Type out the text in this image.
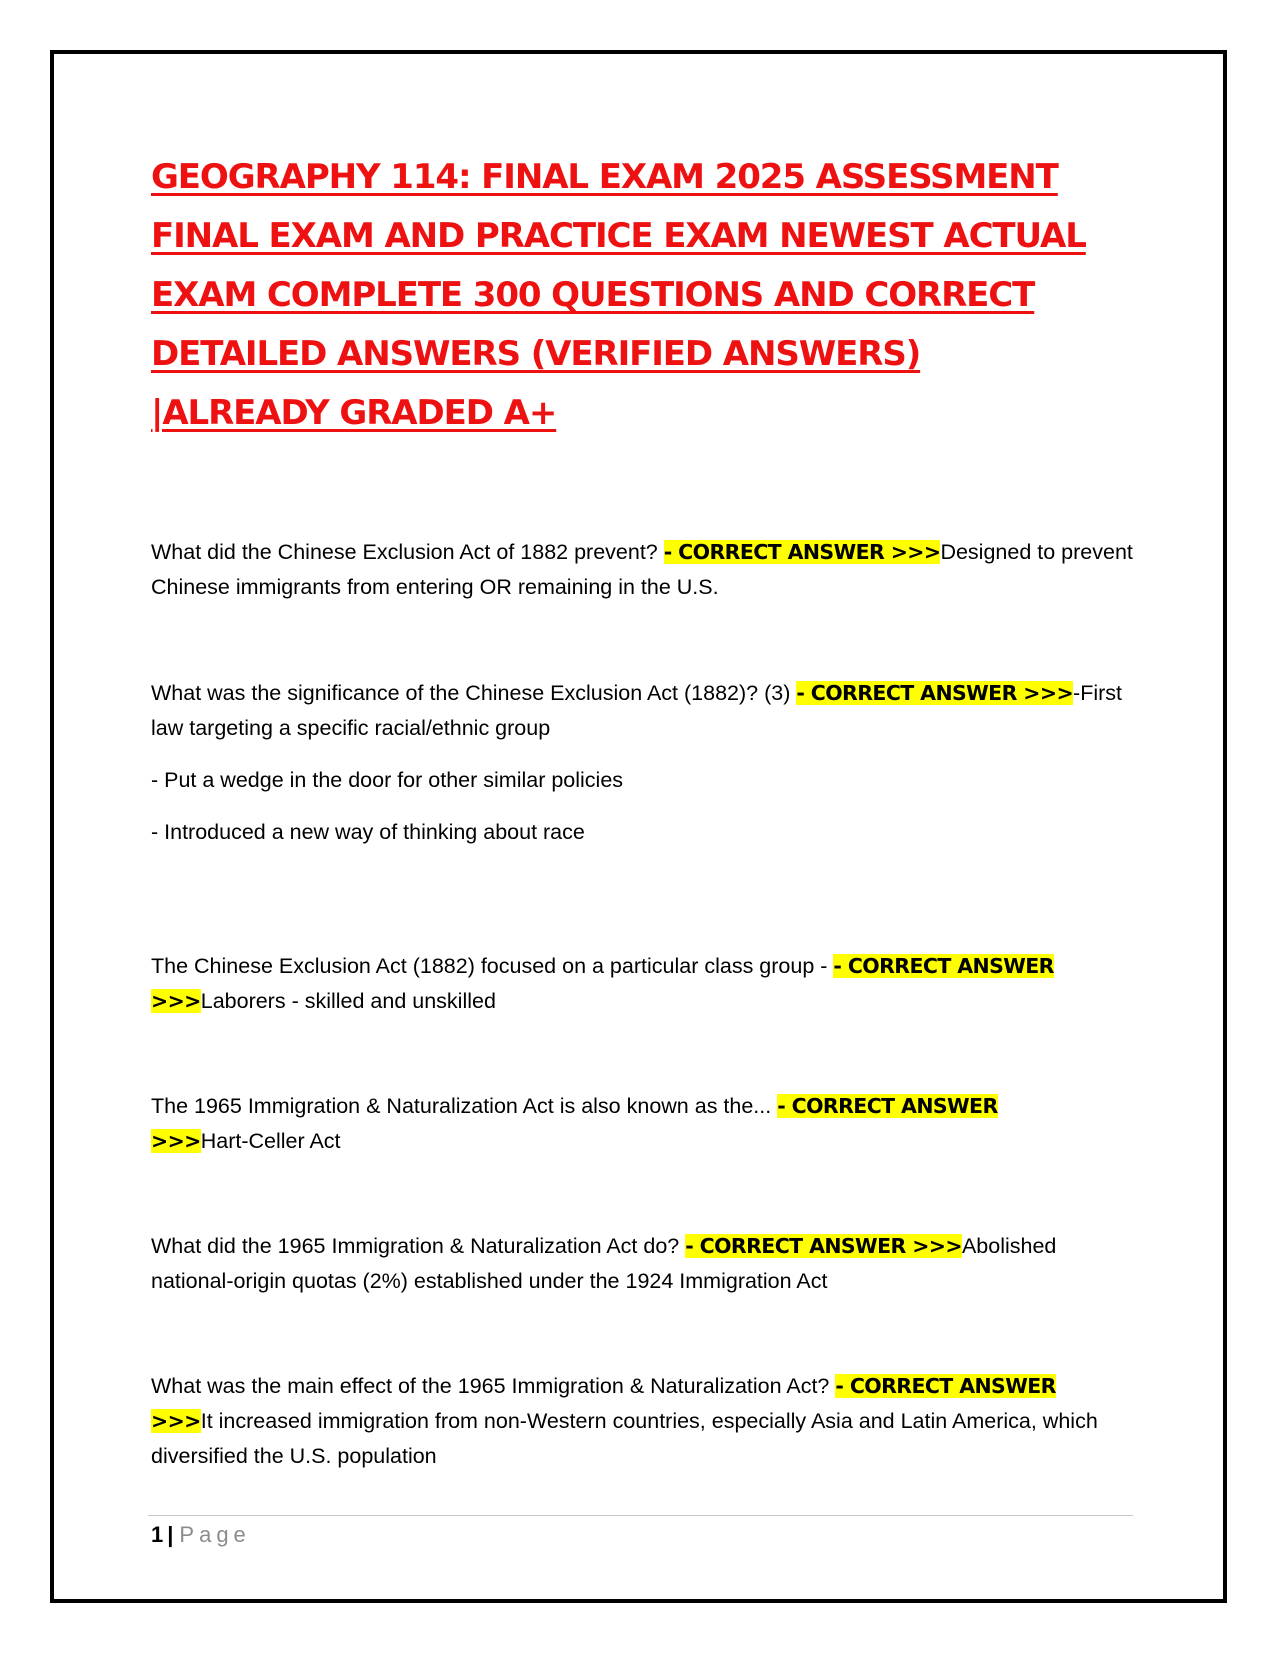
GEOGRAPHY 114: FINAL EXAM 2025 ASSESSMENT
FINAL EXAM AND PRACTICE EXAM NEWEST ACTUAL
EXAM COMPLETE 300 QUESTIONS AND CORRECT
DETAILED ANSWERS (VERIFIED ANSWERS)
|ALREADY GRADED A+

What did the Chinese Exclusion Act of 1882 prevent? - CORRECT ANSWER >>>Designed to prevent Chinese immigrants from entering OR remaining in the U.S.

What was the significance of the Chinese Exclusion Act (1882)? (3) - CORRECT ANSWER >>>-First law targeting a specific racial/ethnic group

- Put a wedge in the door for other similar policies

- Introduced a new way of thinking about race

The Chinese Exclusion Act (1882) focused on a particular class group - - CORRECT ANSWER
>>>Laborers - skilled and unskilled

The 1965 Immigration & Naturalization Act is also known as the... - CORRECT ANSWER
>>>Hart-Celler Act

What did the 1965 Immigration & Naturalization Act do? - CORRECT ANSWER >>>Abolished national-origin quotas (2%) established under the 1924 Immigration Act

What was the main effect of the 1965 Immigration & Naturalization Act? - CORRECT ANSWER
>>>It increased immigration from non-Western countries, especially Asia and Latin America, which diversified the U.S. population

1 | Page
